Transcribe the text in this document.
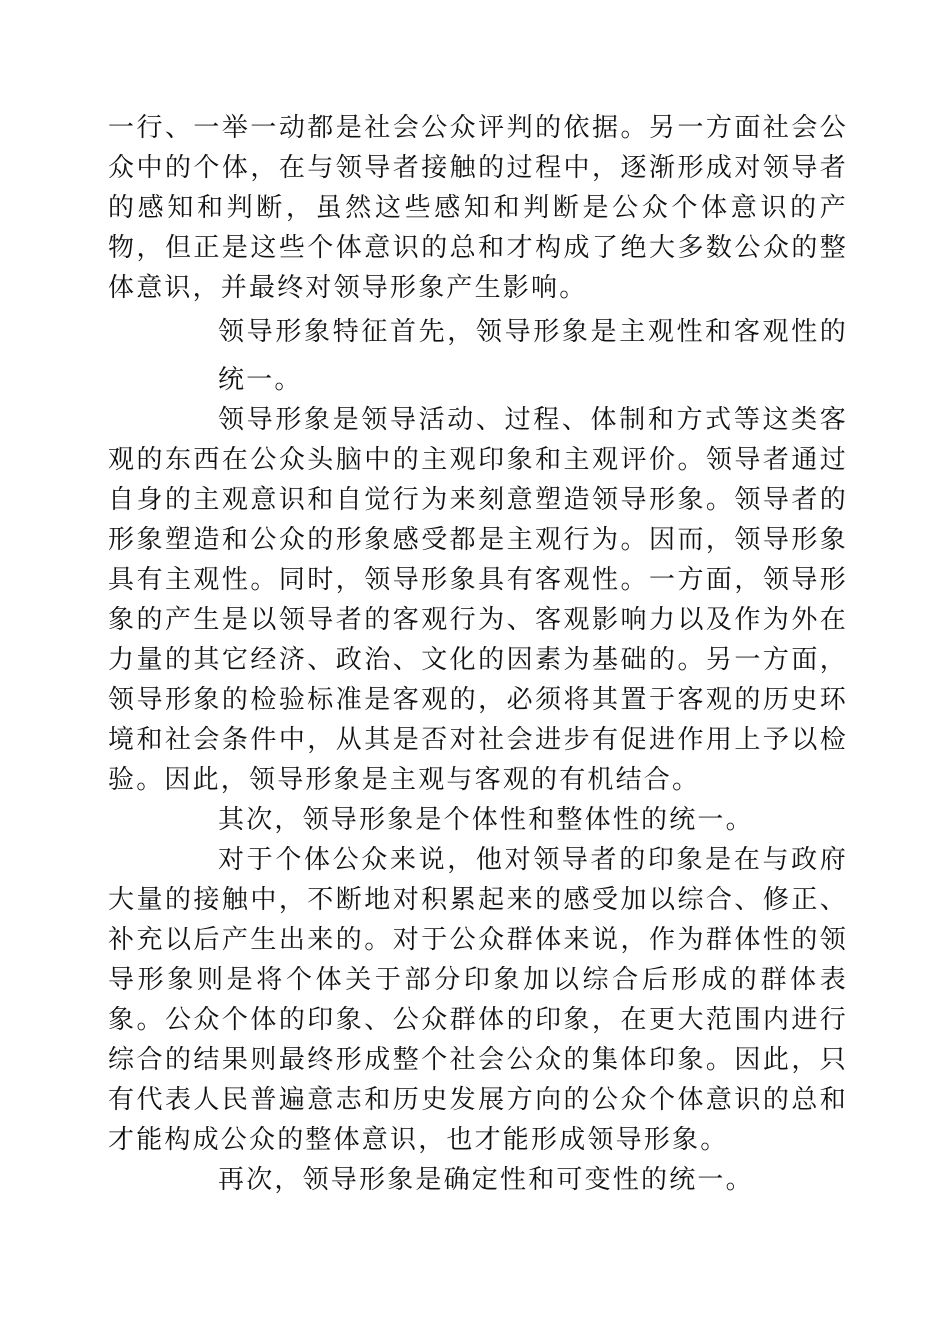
一行、一举一动都是社会公众评判的依据。另一方面社会公众中的个体，在与领导者接触的过程中，逐渐形成对领导者的感知和判断，虽然这些感知和判断是公众个体意识的产物，但正是这些个体意识的总和才构成了绝大多数公众的整体意识，并最终对领导形象产生影响。

领导形象特征首先，领导形象是主观性和客观性的统一。

领导形象是领导活动、过程、体制和方式等这类客观的东西在公众头脑中的主观印象和主观评价。领导者通过自身的主观意识和自觉行为来刻意塑造领导形象。领导者的形象塑造和公众的形象感受都是主观行为。因而，领导形象具有主观性。同时，领导形象具有客观性。一方面，领导形象的产生是以领导者的客观行为、客观影响力以及作为外在力量的其它经济、政治、文化的因素为基础的。另一方面，领导形象的检验标准是客观的，必须将其置于客观的历史环境和社会条件中，从其是否对社会进步有促进作用上予以检验。因此，领导形象是主观与客观的有机结合。

其次，领导形象是个体性和整体性的统一。

对于个体公众来说，他对领导者的印象是在与政府大量的接触中，不断地对积累起来的感受加以综合、修正、补充以后产生出来的。对于公众群体来说，作为群体性的领导形象则是将个体关于部分印象加以综合后形成的群体表象。公众个体的印象、公众群体的印象，在更大范围内进行综合的结果则最终形成整个社会公众的集体印象。因此，只有代表人民普遍意志和历史发展方向的公众个体意识的总和才能构成公众的整体意识，也才能形成领导形象。

再次，领导形象是确定性和可变性的统一。
